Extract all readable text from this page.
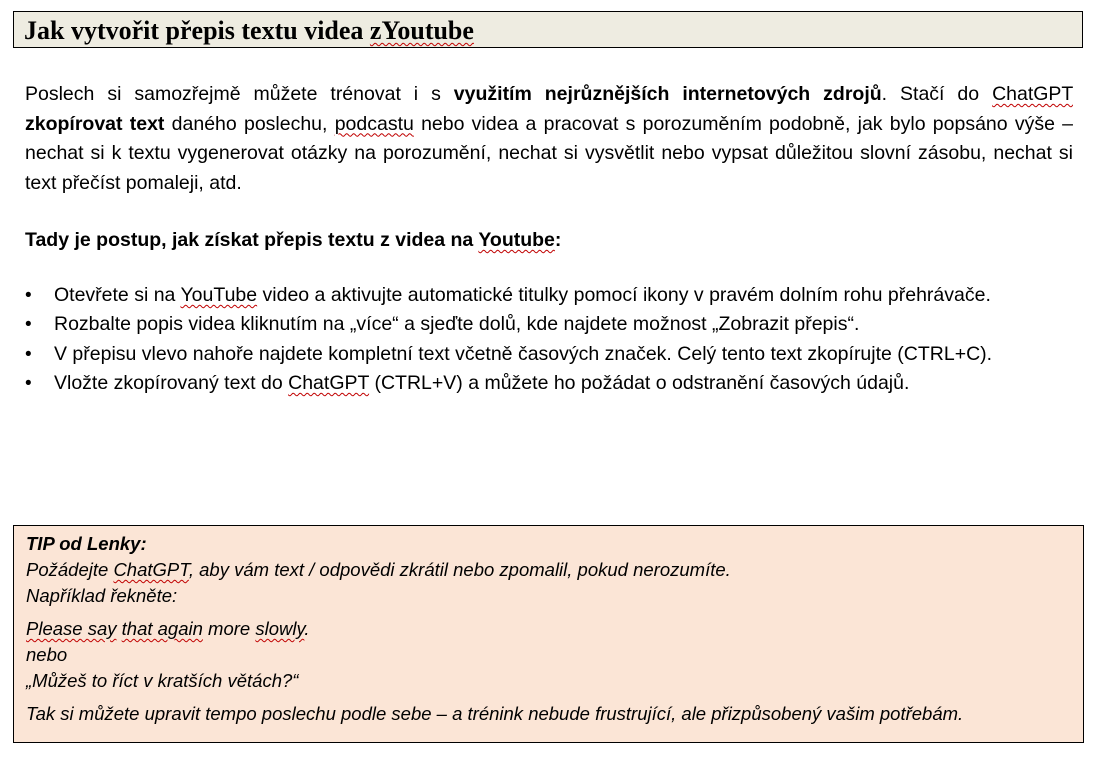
Jak vytvořit přepis textu videa zYoutube

Poslech si samozřejmě můžete trénovat i s využitím nejrůznějších internetových zdrojů. Stačí do ChatGPT zkopírovat text daného poslechu, podcastu nebo videa a pracovat s porozuměním podobně, jak bylo popsáno výše – nechat si k textu vygenerovat otázky na porozumění, nechat si vysvětlit nebo vypsat důležitou slovní zásobu, nechat si text přečíst pomaleji, atd.

Tady je postup, jak získat přepis textu z videa na Youtube:

•	Otevřete si na YouTube video a aktivujte automatické titulky pomocí ikony v pravém dolním rohu přehrávače.
•	Rozbalte popis videa kliknutím na „více“ a sjeďte dolů, kde najdete možnost „Zobrazit přepis“.
•	V přepisu vlevo nahoře najdete kompletní text včetně časových značek. Celý tento text zkopírujte (CTRL+C).
•	Vložte zkopírovaný text do ChatGPT (CTRL+V) a můžete ho požádat o odstranění časových údajů.
TIP od Lenky:
Požádejte ChatGPT, aby vám text / odpovědi zkrátil nebo zpomalil, pokud nerozumíte.
Například řekněte:
Please say that again more slowly.
nebo
„Můžeš to říct v kratších větách?“
Tak si můžete upravit tempo poslechu podle sebe – a trénink nebude frustrující, ale přizpůsobený vašim potřebám.
